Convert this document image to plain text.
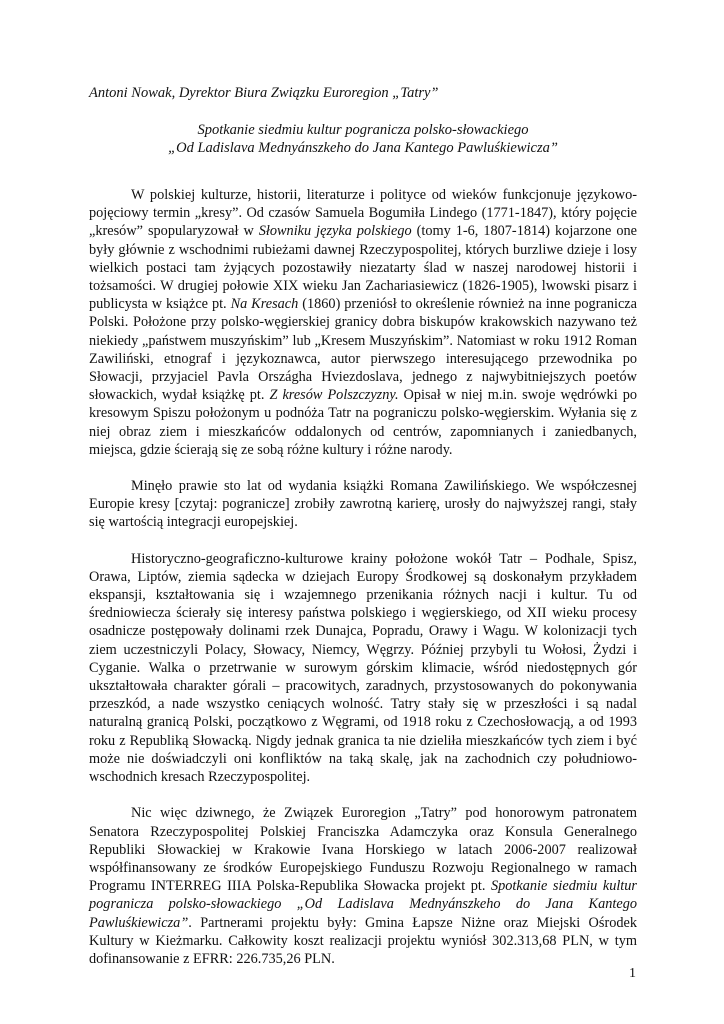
Antoni Nowak, Dyrektor Biura Związku Euroregion „Tatry”
Spotkanie siedmiu kultur pogranicza polsko-słowackiego
„Od Ladislava Mednyánszkeho do Jana Kantego Pawluśkiewicza”

W polskiej kulturze, historii, literaturze i polityce od wieków funkcjonuje językowo-pojęciowy termin „kresy”. Od czasów Samuela Bogumiła Lindego (1771-1847), który pojęcie „kresów” spopularyzował w Słowniku języka polskiego (tomy 1-6, 1807-1814) kojarzone one były głównie z wschodnimi rubieżami dawnej Rzeczypospolitej, których burzliwe dzieje i losy wielkich postaci tam żyjących pozostawiły niezatarty ślad w naszej narodowej historii i tożsamości. W drugiej połowie XIX wieku Jan Zachariasiewicz (1826-1905), lwowski pisarz i publicysta w książce pt. Na Kresach (1860) przeniósł to określenie również na inne pogranicza Polski. Położone przy polsko-węgierskiej granicy dobra biskupów krakowskich nazywano też niekiedy „państwem muszyńskim” lub „Kresem Muszyńskim”. Natomiast w roku 1912 Roman Zawiliński, etnograf i językoznawca, autor pierwszego interesującego przewodnika po Słowacji, przyjaciel Pavla Országha Hviezdoslava, jednego z najwybitniejszych poetów słowackich, wydał książkę pt. Z kresów Polszczyzny. Opisał w niej m.in. swoje wędrówki po kresowym Spiszu położonym u podnóża Tatr na pograniczu polsko-węgierskim. Wyłania się z niej obraz ziem i mieszkańców oddalonych od centrów, zapomnianych i zaniedbanych, miejsca, gdzie ścierają się ze sobą różne kultury i różne narody.

Minęło prawie sto lat od wydania książki Romana Zawilińskiego. We współczesnej Europie kresy [czytaj: pogranicze] zrobiły zawrotną karierę, urosły do najwyższej rangi, stały się wartością integracji europejskiej.

Historyczno-geograficzno-kulturowe krainy położone wokół Tatr – Podhale, Spisz, Orawa, Liptów, ziemia sądecka w dziejach Europy Środkowej są doskonałym przykładem ekspansji, kształtowania się i wzajemnego przenikania różnych nacji i kultur. Tu od średniowiecza ścierały się interesy państwa polskiego i węgierskiego, od XII wieku procesy osadnicze postępowały dolinami rzek Dunajca, Popradu, Orawy i Wagu. W kolonizacji tych ziem uczestniczyli Polacy, Słowacy, Niemcy, Węgrzy. Później przybyli tu Wołosi, Żydzi i Cyganie. Walka o przetrwanie w surowym górskim klimacie, wśród niedostępnych gór ukształtowała charakter górali – pracowitych, zaradnych, przystosowanych do pokonywania przeszkód, a nade wszystko ceniących wolność. Tatry stały się w przeszłości i są nadal naturalną granicą Polski, początkowo z Węgrami, od 1918 roku z Czechosłowacją, a od 1993 roku z Republiką Słowacką. Nigdy jednak granica ta nie dzieliła mieszkańców tych ziem i być może nie doświadczyli oni konfliktów na taką skalę, jak na zachodnich czy południowo-wschodnich kresach Rzeczypospolitej.

Nic więc dziwnego, że Związek Euroregion „Tatry” pod honorowym patronatem Senatora Rzeczypospolitej Polskiej Franciszka Adamczyka oraz Konsula Generalnego Republiki Słowackiej w Krakowie Ivana Horskiego w latach 2006-2007 realizował współfinansowany ze środków Europejskiego Funduszu Rozwoju Regionalnego w ramach Programu INTERREG IIIA Polska-Republika Słowacka projekt pt. Spotkanie siedmiu kultur pogranicza polsko-słowackiego „Od Ladislava Mednyánszkeho do Jana Kantego Pawluśkiewicza”. Partnerami projektu były: Gmina Łapsze Niżne oraz Miejski Ośrodek Kultury w Kieżmarku. Całkowity koszt realizacji projektu wyniósł 302.313,68 PLN, w tym dofinansowanie z EFRR: 226.735,26 PLN.

1
